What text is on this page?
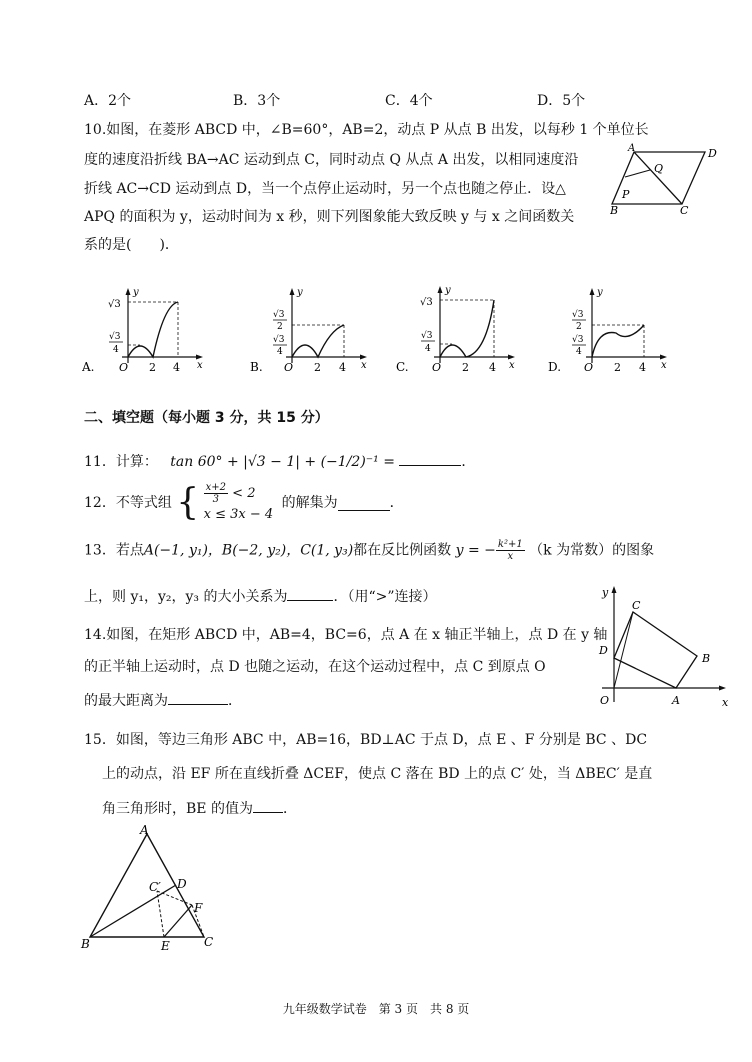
A．2个	B．3个	C．4个	D．5个
10.如图，在菱形 ABCD 中，∠B=60°，AB=2，动点 P 从点 B 出发，以每秒 1 个单位长
度的速度沿折线 BA→AC 运动到点 C，同时动点 Q 从点 A 出发，以相同速度沿
折线 AC→CD 运动到点 D，当一个点停止运动时，另一个点也随之停止．设△
APQ 的面积为 y，运动时间为 x 秒，则下列图象能大致反映 y 与 x 之间函数关
系的是(　　)．
A	D
B	C
P
Q
A.
y
x
O 2 4
√3
√3
4
B.
y
x
O 2 4
√3
2
√3
4
C.
y
x
O 2 4
√3
√3
4
D.
y
x
O 2 4
√3
2
√3
4
二、填空题（每小题 3 分，共 15 分）
11．计算： tan 60° + |√3 − 1| + (−1/2)⁻¹ =	．
12．不等式组 { $\frac{x+2}{3} < 2$
x ≤ 3x − 4
的解集为	．
13．若点A(−1, y₁)，B(−2, y₂)，C(1, y₃)都在反比例函数 y = − $\frac{\text{k²+1}}{x} (k$ 为常数）的图象
上，则 y₁，y₂，y₃ 的大小关系为	．（用“>”连接）
14.如图，在矩形 ABCD 中，AB=4，BC=6，点 A 在 x 轴正半轴上，点 D 在 y 轴
的正半轴上运动时，点 D 也随之运动，在这个运动过程中，点 C 到原点 O
的最大距离为	．
y
C
D
B
O	A	x
15．如图，等边三角形 ABC 中，AB=16，BD⊥AC 于点 D，点 E 、F 分别是 BC 、DC
上的动点，沿 EF 所在直线折叠 ΔCEF，使点 C 落在 BD 上的点 C′ 处，当 ΔBEC′ 是直
角三角形时，BE 的值为 ．
A
C′ D
F
B	E	C
九年级数学试卷　第 3 页　共 8 页
